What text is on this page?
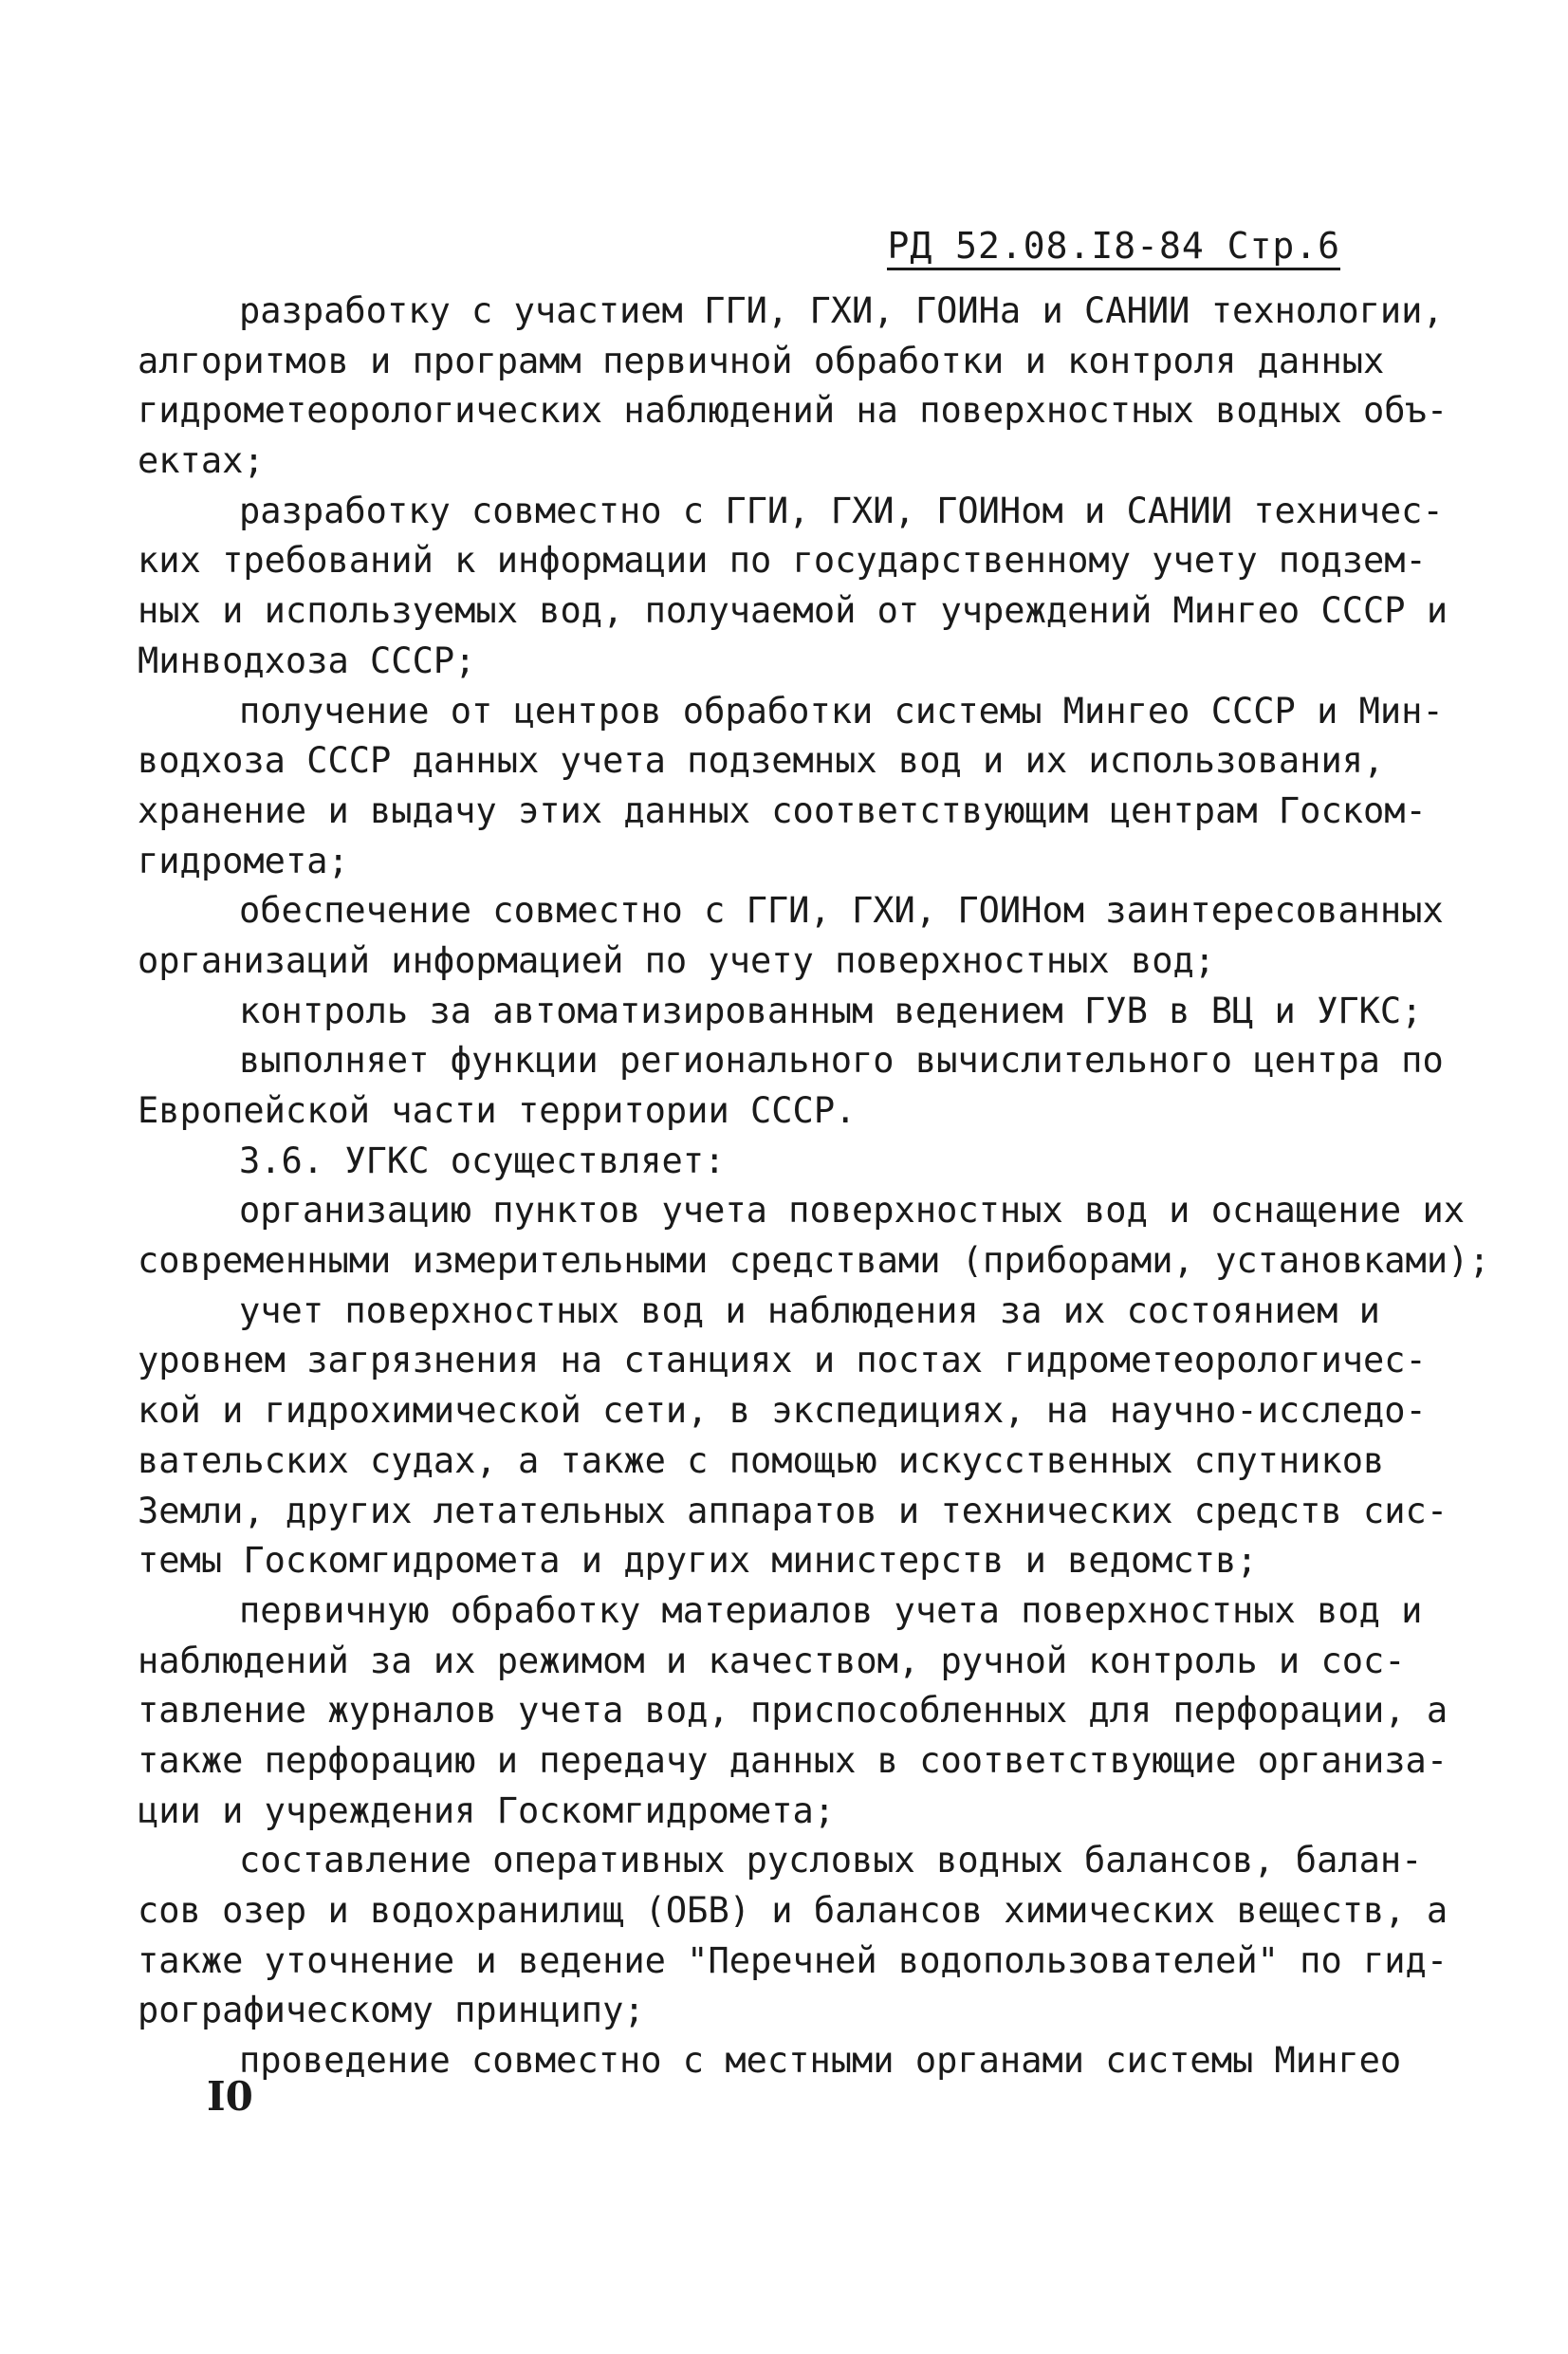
РД 52.08.I8-84 Стр.6
разработку с участием ГГИ, ГХИ, ГОИНа и САНИИ технологии,
алгоритмов и программ первичной обработки и контроля данных
гидрометеорологических наблюдений на поверхностных водных объ-
ектах;
разработку совместно с ГГИ, ГХИ, ГОИНом и САНИИ техничес-
ких требований к информации по государственному учету подзем-
ных и используемых вод, получаемой от учреждений Мингео СССР и
Минводхоза СССР;
получение от центров обработки системы Мингео СССР и Мин-
водхоза СССР данных учета подземных вод и их использования,
хранение и выдачу этих данных соответствующим центрам Госком-
гидромета;
обеспечение совместно с ГГИ, ГХИ, ГОИНом заинтересованных
организаций информацией по учету поверхностных вод;
контроль за автоматизированным ведением ГУВ в ВЦ и УГКС;
выполняет функции регионального вычислительного центра по
Европейской части территории СССР.
3.6. УГКС осуществляет:
организацию пунктов учета поверхностных вод и оснащение их
современными измерительными средствами (приборами, установками);
учет поверхностных вод и наблюдения за их состоянием и
уровнем загрязнения на станциях и постах гидрометеорологичес-
кой и гидрохимической сети, в экспедициях, на научно-исследо-
вательских судах, а также с помощью искусственных спутников
Земли, других летательных аппаратов и технических средств сис-
темы Госкомгидромета и других министерств и ведомств;
первичную обработку материалов учета поверхностных вод и
наблюдений за их режимом и качеством, ручной контроль и сос-
тавление журналов учета вод, приспособленных для перфорации, а
также перфорацию и передачу данных в соответствующие организа-
ции и учреждения Госкомгидромета;
составление оперативных русловых водных балансов, балан-
сов озер и водохранилищ (ОБВ) и балансов химических веществ, а
также уточнение и ведение "Перечней водопользователей" по гид-
рографическому принципу;
проведение совместно с местными органами системы Мингео
I0
